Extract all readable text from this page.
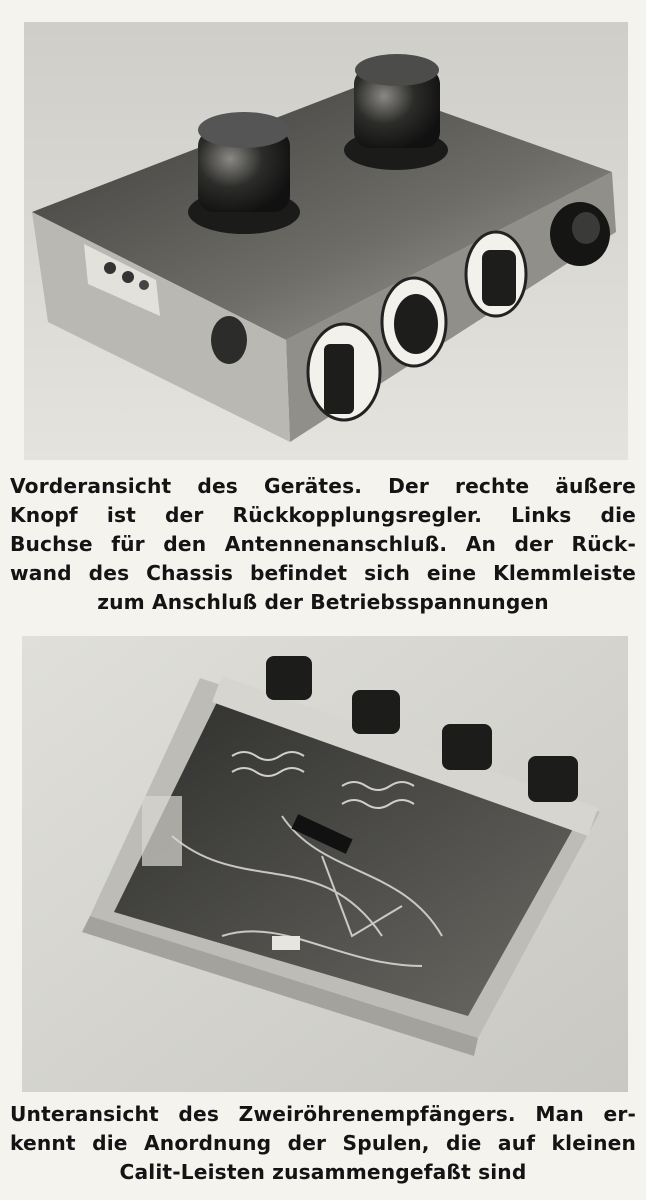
Vorderansicht des Gerätes. Der rechte äußere
Knopf ist der Rückkopplungsregler. Links die
Buchse für den Antennenanschluß. An der Rück-
wand des Chassis befindet sich eine Klemmleiste
zum Anschluß der Betriebsspannungen
Unteransicht des Zweiröhrenempfängers. Man er-
kennt die Anordnung der Spulen, die auf kleinen
Calit-Leisten zusammengefaßt sind
